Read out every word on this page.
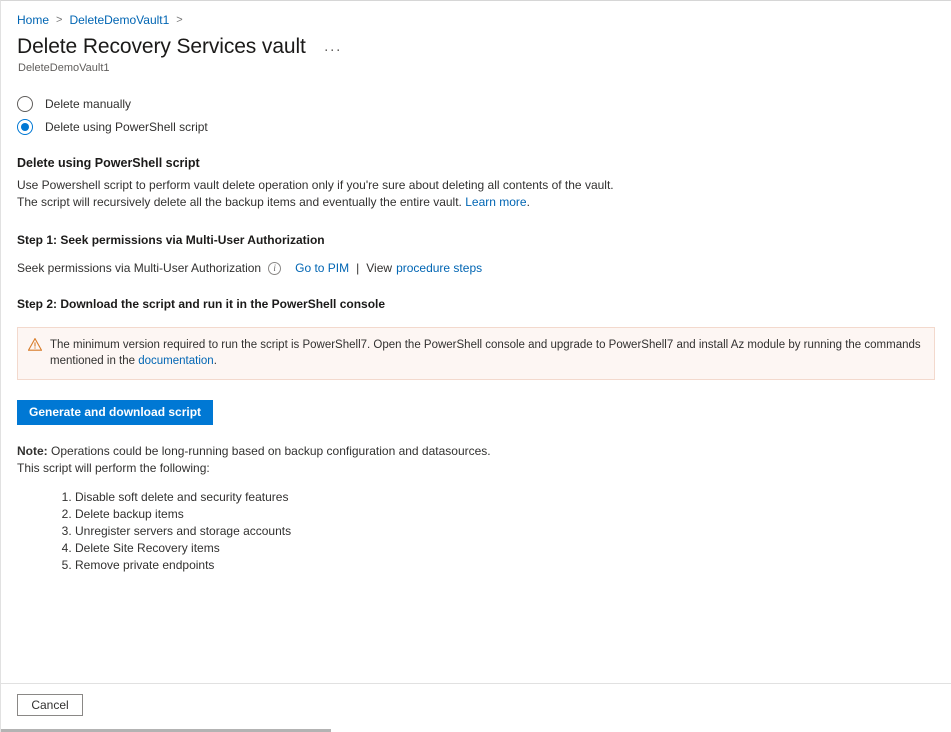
Home > DeleteDemoVault1 >
Delete Recovery Services vault ···
DeleteDemoVault1
Delete manually
Delete using PowerShell script
Delete using PowerShell script
Use Powershell script to perform vault delete operation only if you're sure about deleting all contents of the vault. The script will recursively delete all the backup items and eventually the entire vault. Learn more.
Step 1: Seek permissions via Multi-User Authorization
Seek permissions via Multi-User Authorization	i	Go to PIM | View procedure steps
Step 2: Download the script and run it in the PowerShell console
The minimum version required to run the script is PowerShell7. Open the PowerShell console and upgrade to PowerShell7 and install Az module by running the commands mentioned in the documentation.
Generate and download script
Note: Operations could be long-running based on backup configuration and datasources.
This script will perform the following:
1. Disable soft delete and security features
2. Delete backup items
3. Unregister servers and storage accounts
4. Delete Site Recovery items
5. Remove private endpoints
Cancel
